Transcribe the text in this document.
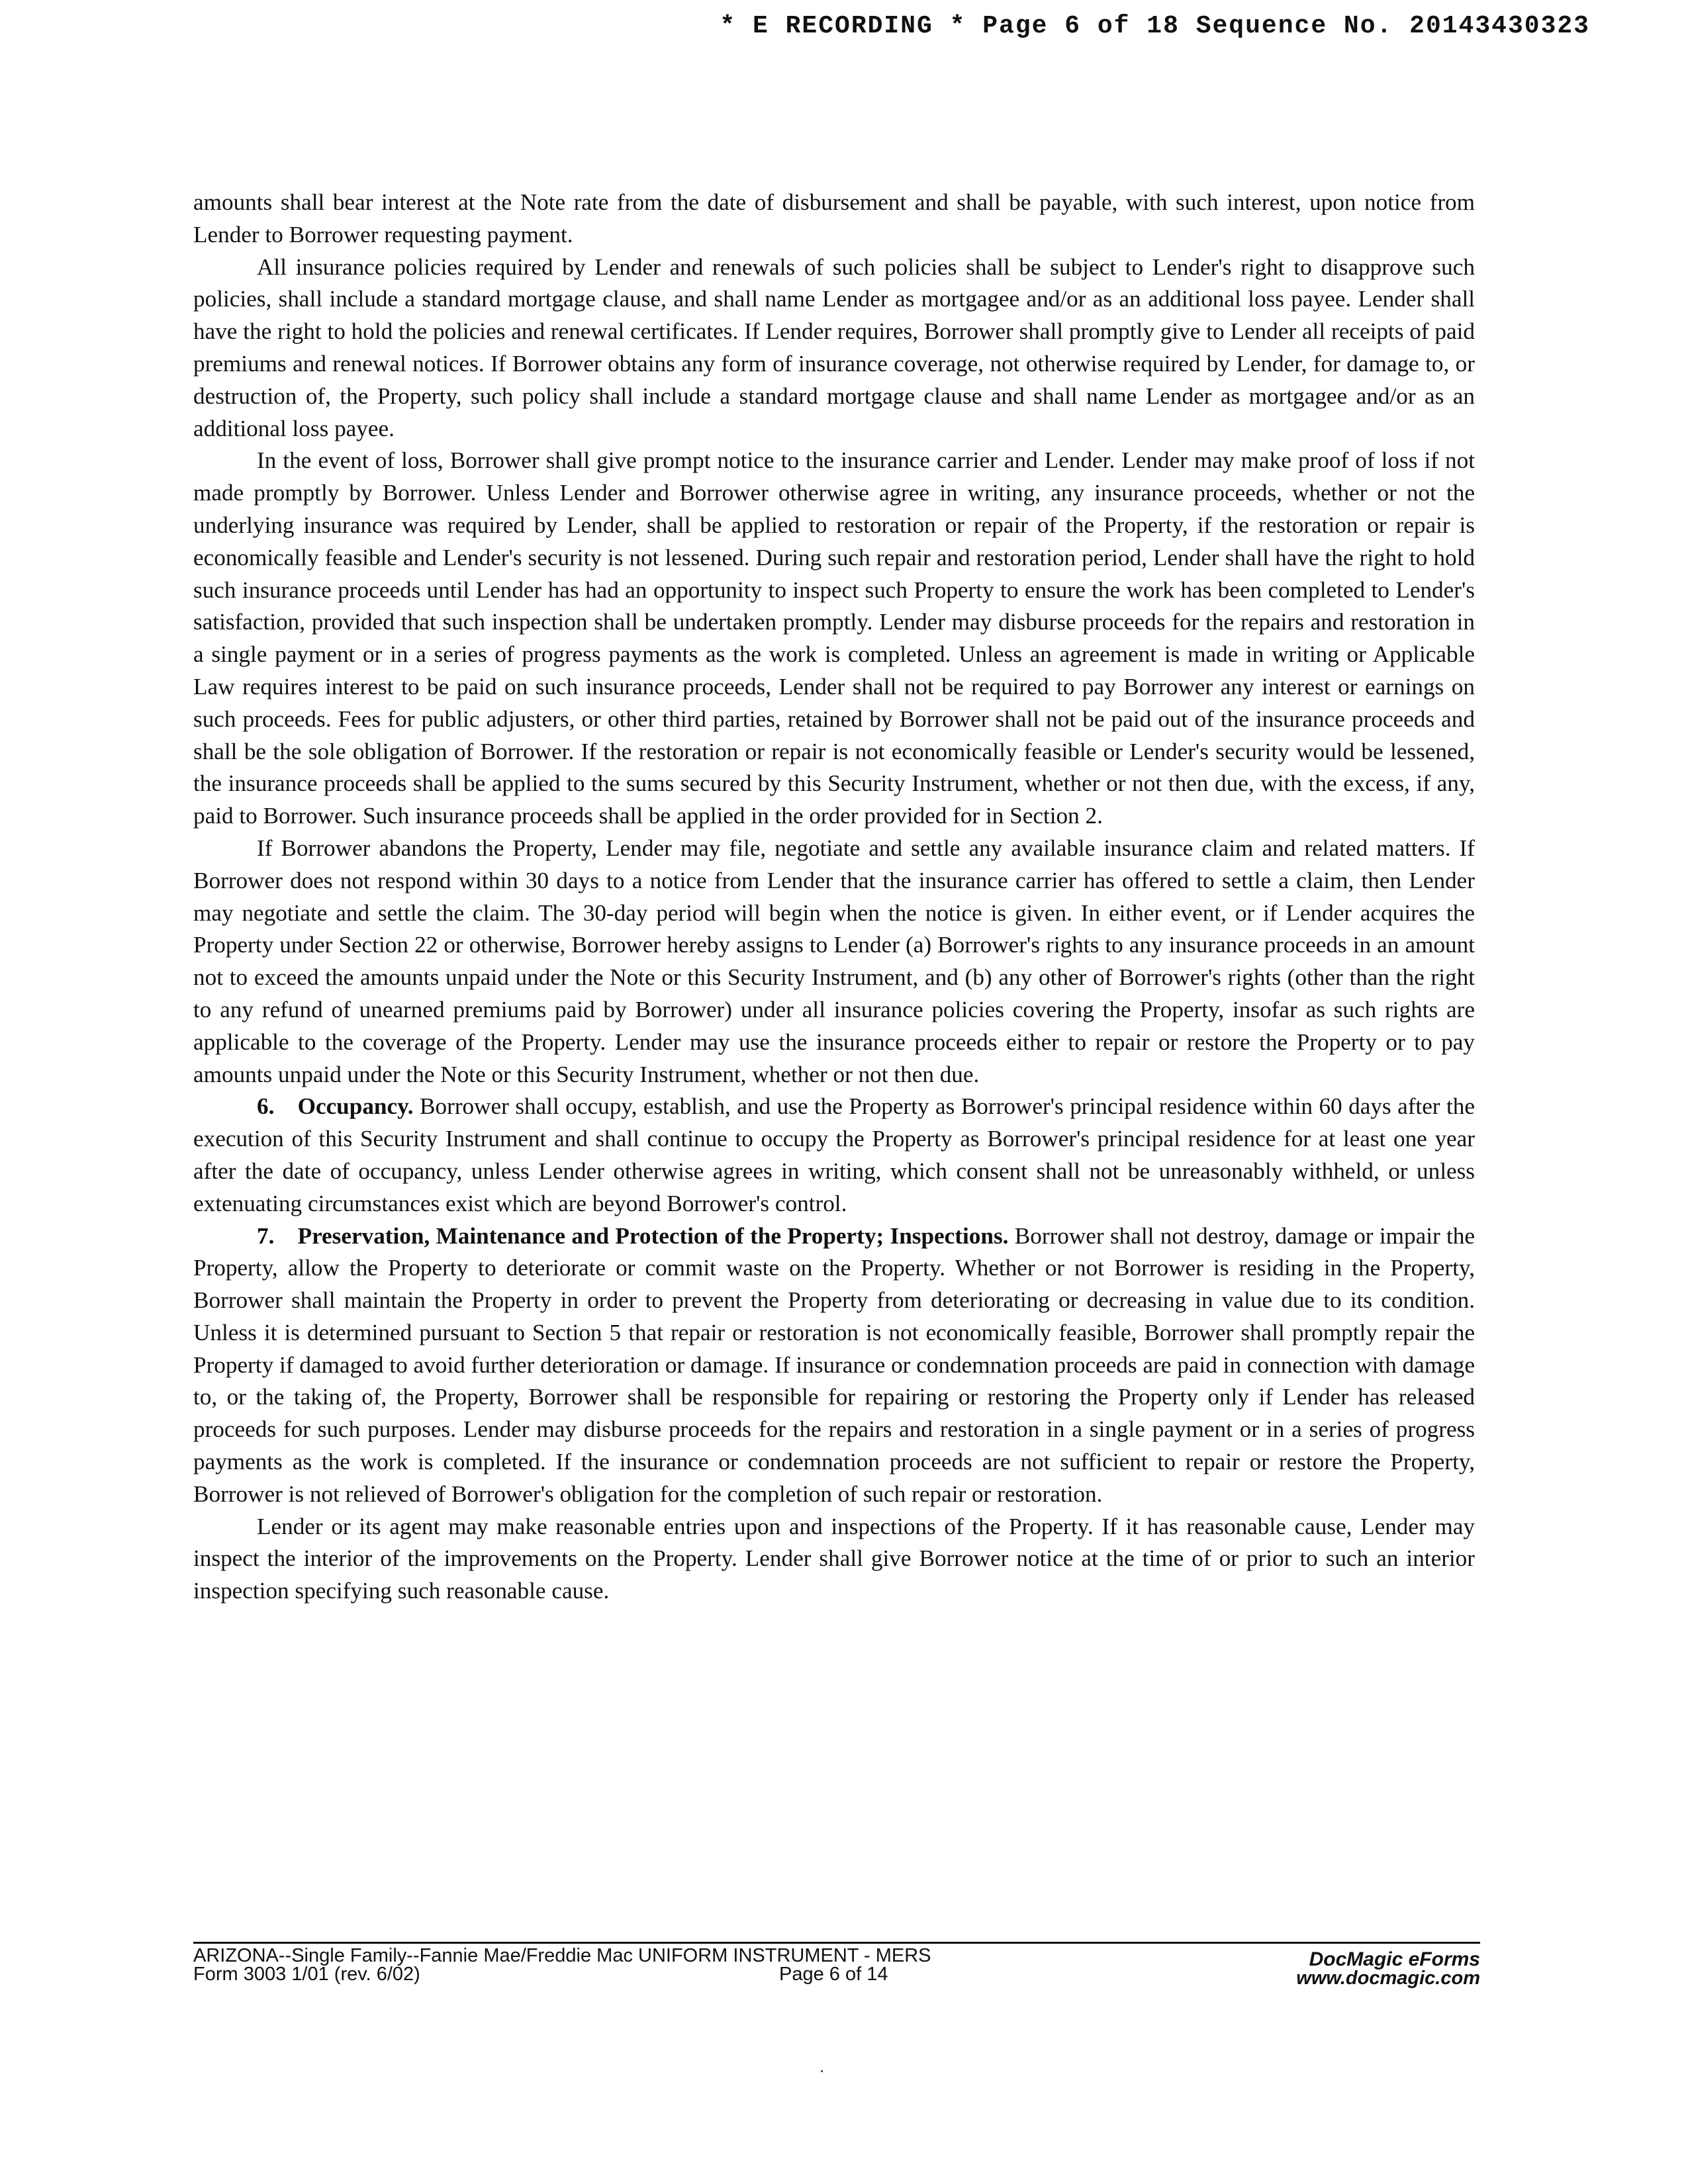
* E RECORDING * Page 6 of 18 Sequence No. 20143430323

amounts shall bear interest at the Note rate from the date of disbursement and shall be payable, with such interest, upon notice from Lender to Borrower requesting payment.

All insurance policies required by Lender and renewals of such policies shall be subject to Lender's right to disapprove such policies, shall include a standard mortgage clause, and shall name Lender as mortgagee and/or as an additional loss payee. Lender shall have the right to hold the policies and renewal certificates. If Lender requires, Borrower shall promptly give to Lender all receipts of paid premiums and renewal notices. If Borrower obtains any form of insurance coverage, not otherwise required by Lender, for damage to, or destruction of, the Property, such policy shall include a standard mortgage clause and shall name Lender as mortgagee and/or as an additional loss payee.

In the event of loss, Borrower shall give prompt notice to the insurance carrier and Lender. Lender may make proof of loss if not made promptly by Borrower. Unless Lender and Borrower otherwise agree in writing, any insurance proceeds, whether or not the underlying insurance was required by Lender, shall be applied to restoration or repair of the Property, if the restoration or repair is economically feasible and Lender's security is not lessened. During such repair and restoration period, Lender shall have the right to hold such insurance proceeds until Lender has had an opportunity to inspect such Property to ensure the work has been completed to Lender's satisfaction, provided that such inspection shall be undertaken promptly. Lender may disburse proceeds for the repairs and restoration in a single payment or in a series of progress payments as the work is completed. Unless an agreement is made in writing or Applicable Law requires interest to be paid on such insurance proceeds, Lender shall not be required to pay Borrower any interest or earnings on such proceeds. Fees for public adjusters, or other third parties, retained by Borrower shall not be paid out of the insurance proceeds and shall be the sole obligation of Borrower. If the restoration or repair is not economically feasible or Lender's security would be lessened, the insurance proceeds shall be applied to the sums secured by this Security Instrument, whether or not then due, with the excess, if any, paid to Borrower. Such insurance proceeds shall be applied in the order provided for in Section 2.

If Borrower abandons the Property, Lender may file, negotiate and settle any available insurance claim and related matters. If Borrower does not respond within 30 days to a notice from Lender that the insurance carrier has offered to settle a claim, then Lender may negotiate and settle the claim. The 30-day period will begin when the notice is given. In either event, or if Lender acquires the Property under Section 22 or otherwise, Borrower hereby assigns to Lender (a) Borrower's rights to any insurance proceeds in an amount not to exceed the amounts unpaid under the Note or this Security Instrument, and (b) any other of Borrower's rights (other than the right to any refund of unearned premiums paid by Borrower) under all insurance policies covering the Property, insofar as such rights are applicable to the coverage of the Property. Lender may use the insurance proceeds either to repair or restore the Property or to pay amounts unpaid under the Note or this Security Instrument, whether or not then due.

6. Occupancy. Borrower shall occupy, establish, and use the Property as Borrower's principal residence within 60 days after the execution of this Security Instrument and shall continue to occupy the Property as Borrower's principal residence for at least one year after the date of occupancy, unless Lender otherwise agrees in writing, which consent shall not be unreasonably withheld, or unless extenuating circumstances exist which are beyond Borrower's control.

7. Preservation, Maintenance and Protection of the Property; Inspections. Borrower shall not destroy, damage or impair the Property, allow the Property to deteriorate or commit waste on the Property. Whether or not Borrower is residing in the Property, Borrower shall maintain the Property in order to prevent the Property from deteriorating or decreasing in value due to its condition. Unless it is determined pursuant to Section 5 that repair or restoration is not economically feasible, Borrower shall promptly repair the Property if damaged to avoid further deterioration or damage. If insurance or condemnation proceeds are paid in connection with damage to, or the taking of, the Property, Borrower shall be responsible for repairing or restoring the Property only if Lender has released proceeds for such purposes. Lender may disburse proceeds for the repairs and restoration in a single payment or in a series of progress payments as the work is completed. If the insurance or condemnation proceeds are not sufficient to repair or restore the Property, Borrower is not relieved of Borrower's obligation for the completion of such repair or restoration.

Lender or its agent may make reasonable entries upon and inspections of the Property. If it has reasonable cause, Lender may inspect the interior of the improvements on the Property. Lender shall give Borrower notice at the time of or prior to such an interior inspection specifying such reasonable cause.

ARIZONA--Single Family--Fannie Mae/Freddie Mac UNIFORM INSTRUMENT - MERS
Form 3003 1/01 (rev. 6/02)	Page 6 of 14
DocMagic eForms
www.docmagic.com
